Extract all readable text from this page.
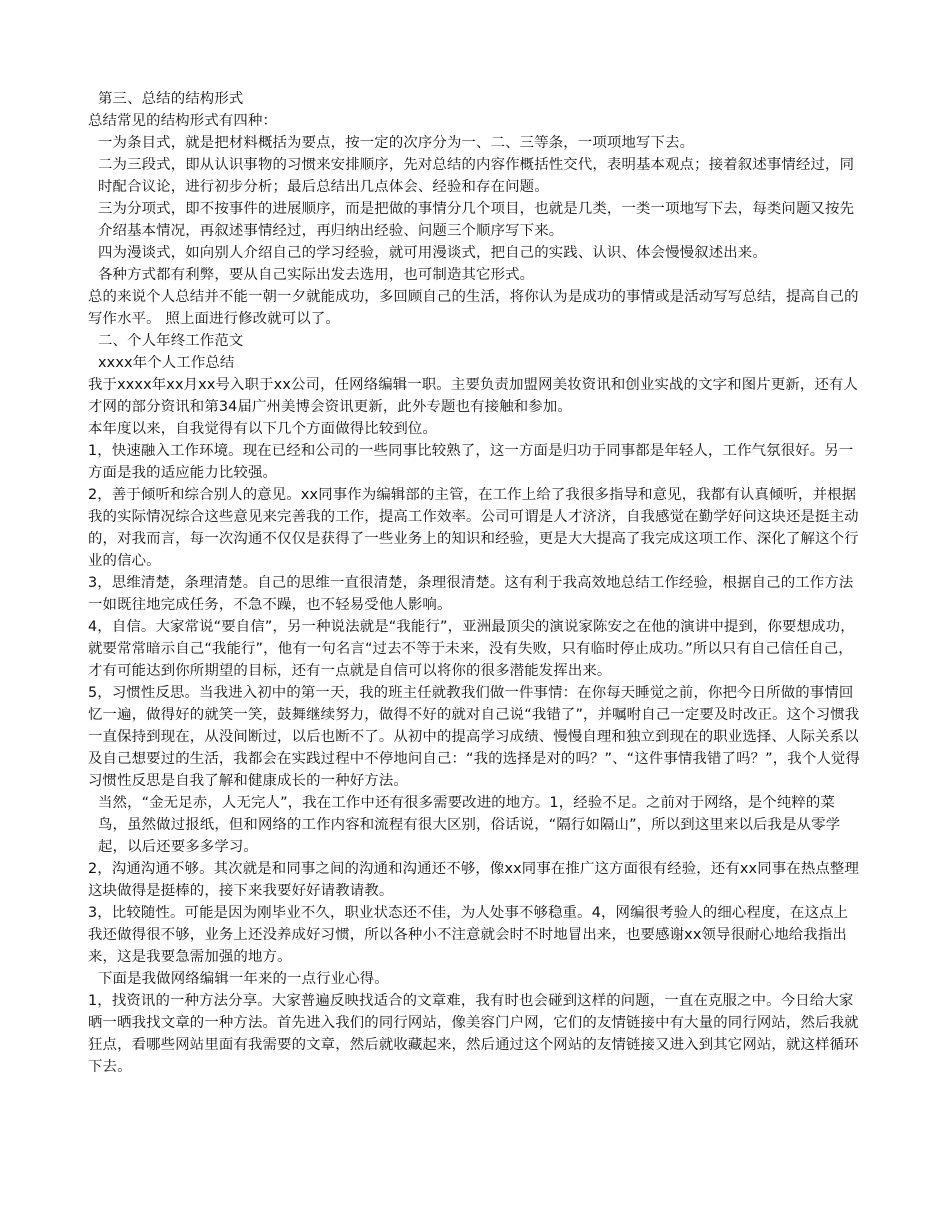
第三、总结的结构形式
总结常见的结构形式有四种：
一为条目式，就是把材料概括为要点，按一定的次序分为一、二、三等条，一项项地写下去。
二为三段式，即从认识事物的习惯来安排顺序，先对总结的内容作概括性交代，表明基本观点；接着叙述事情经过，同时配合议论，进行初步分析；最后总结出几点体会、经验和存在问题。
三为分项式，即不按事件的进展顺序，而是把做的事情分几个项目，也就是几类，一类一项地写下去，每类问题又按先介绍基本情况，再叙述事情经过，再归纳出经验、问题三个顺序写下来。
四为漫谈式，如向别人介绍自己的学习经验，就可用漫谈式，把自己的实践、认识、体会慢慢叙述出来。
各种方式都有利弊，要从自己实际出发去选用，也可制造其它形式。
总的来说个人总结并不能一朝一夕就能成功，多回顾自己的生活，将你认为是成功的事情或是活动写写总结，提高自己的写作水平。 照上面进行修改就可以了。
二、个人年终工作范文
xxxx年个人工作总结
我于xxxx年xx月xx号入职于xx公司，任网络编辑一职。主要负责加盟网美妆资讯和创业实战的文字和图片更新，还有人才网的部分资讯和第34届广州美博会资讯更新，此外专题也有接触和参加。
本年度以来，自我觉得有以下几个方面做得比较到位。
1，快速融入工作环境。现在已经和公司的一些同事比较熟了，这一方面是归功于同事都是年轻人，工作气氛很好。另一方面是我的适应能力比较强。
2，善于倾听和综合别人的意见。xx同事作为编辑部的主管，在工作上给了我很多指导和意见，我都有认真倾听，并根据我的实际情况综合这些意见来完善我的工作，提高工作效率。公司可谓是人才济济，自我感觉在勤学好问这块还是挺主动的，对我而言，每一次沟通不仅仅是获得了一些业务上的知识和经验，更是大大提高了我完成这项工作、深化了解这个行业的信心。
3，思维清楚，条理清楚。自己的思维一直很清楚，条理很清楚。这有利于我高效地总结工作经验，根据自己的工作方法一如既往地完成任务，不急不躁，也不轻易受他人影响。
4，自信。大家常说“要自信”，另一种说法就是“我能行”，亚洲最顶尖的演说家陈安之在他的演讲中提到，你要想成功，就要常常暗示自己“我能行”，他有一句名言“过去不等于未来，没有失败，只有临时停止成功。”所以只有自己信任自己，才有可能达到你所期望的目标，还有一点就是自信可以将你的很多潜能发挥出来。
5，习惯性反思。当我进入初中的第一天，我的班主任就教我们做一件事情：在你每天睡觉之前，你把今日所做的事情回忆一遍，做得好的就笑一笑，鼓舞继续努力，做得不好的就对自己说“我错了”，并嘱咐自己一定要及时改正。这个习惯我一直保持到现在，从没间断过，以后也断不了。从初中的提高学习成绩、慢慢自理和独立到现在的职业选择、人际关系以及自己想要过的生活，我都会在实践过程中不停地问自己：“我的选择是对的吗？”、“这件事情我错了吗？”，我个人觉得习惯性反思是自我了解和健康成长的一种好方法。
当然，“金无足赤，人无完人”，我在工作中还有很多需要改进的地方。1，经验不足。之前对于网络，是个纯粹的菜鸟，虽然做过报纸，但和网络的工作内容和流程有很大区别，俗话说，“隔行如隔山”，所以到这里来以后我是从零学起，以后还要多多学习。
2，沟通沟通不够。其次就是和同事之间的沟通和沟通还不够，像xx同事在推广这方面很有经验，还有xx同事在热点整理这块做得是挺棒的，接下来我要好好请教请教。
3，比较随性。可能是因为刚毕业不久，职业状态还不佳，为人处事不够稳重。4，网编很考验人的细心程度，在这点上我还做得很不够，业务上还没养成好习惯，所以各种小不注意就会时不时地冒出来，也要感谢xx领导很耐心地给我指出来，这是我要急需加强的地方。
下面是我做网络编辑一年来的一点行业心得。
1，找资讯的一种方法分享。大家普遍反映找适合的文章难，我有时也会碰到这样的问题，一直在克服之中。今日给大家晒一晒我找文章的一种方法。首先进入我们的同行网站，像美容门户网，它们的友情链接中有大量的同行网站，然后我就狂点，看哪些网站里面有我需要的文章，然后就收藏起来，然后通过这个网站的友情链接又进入到其它网站，就这样循环下去。
